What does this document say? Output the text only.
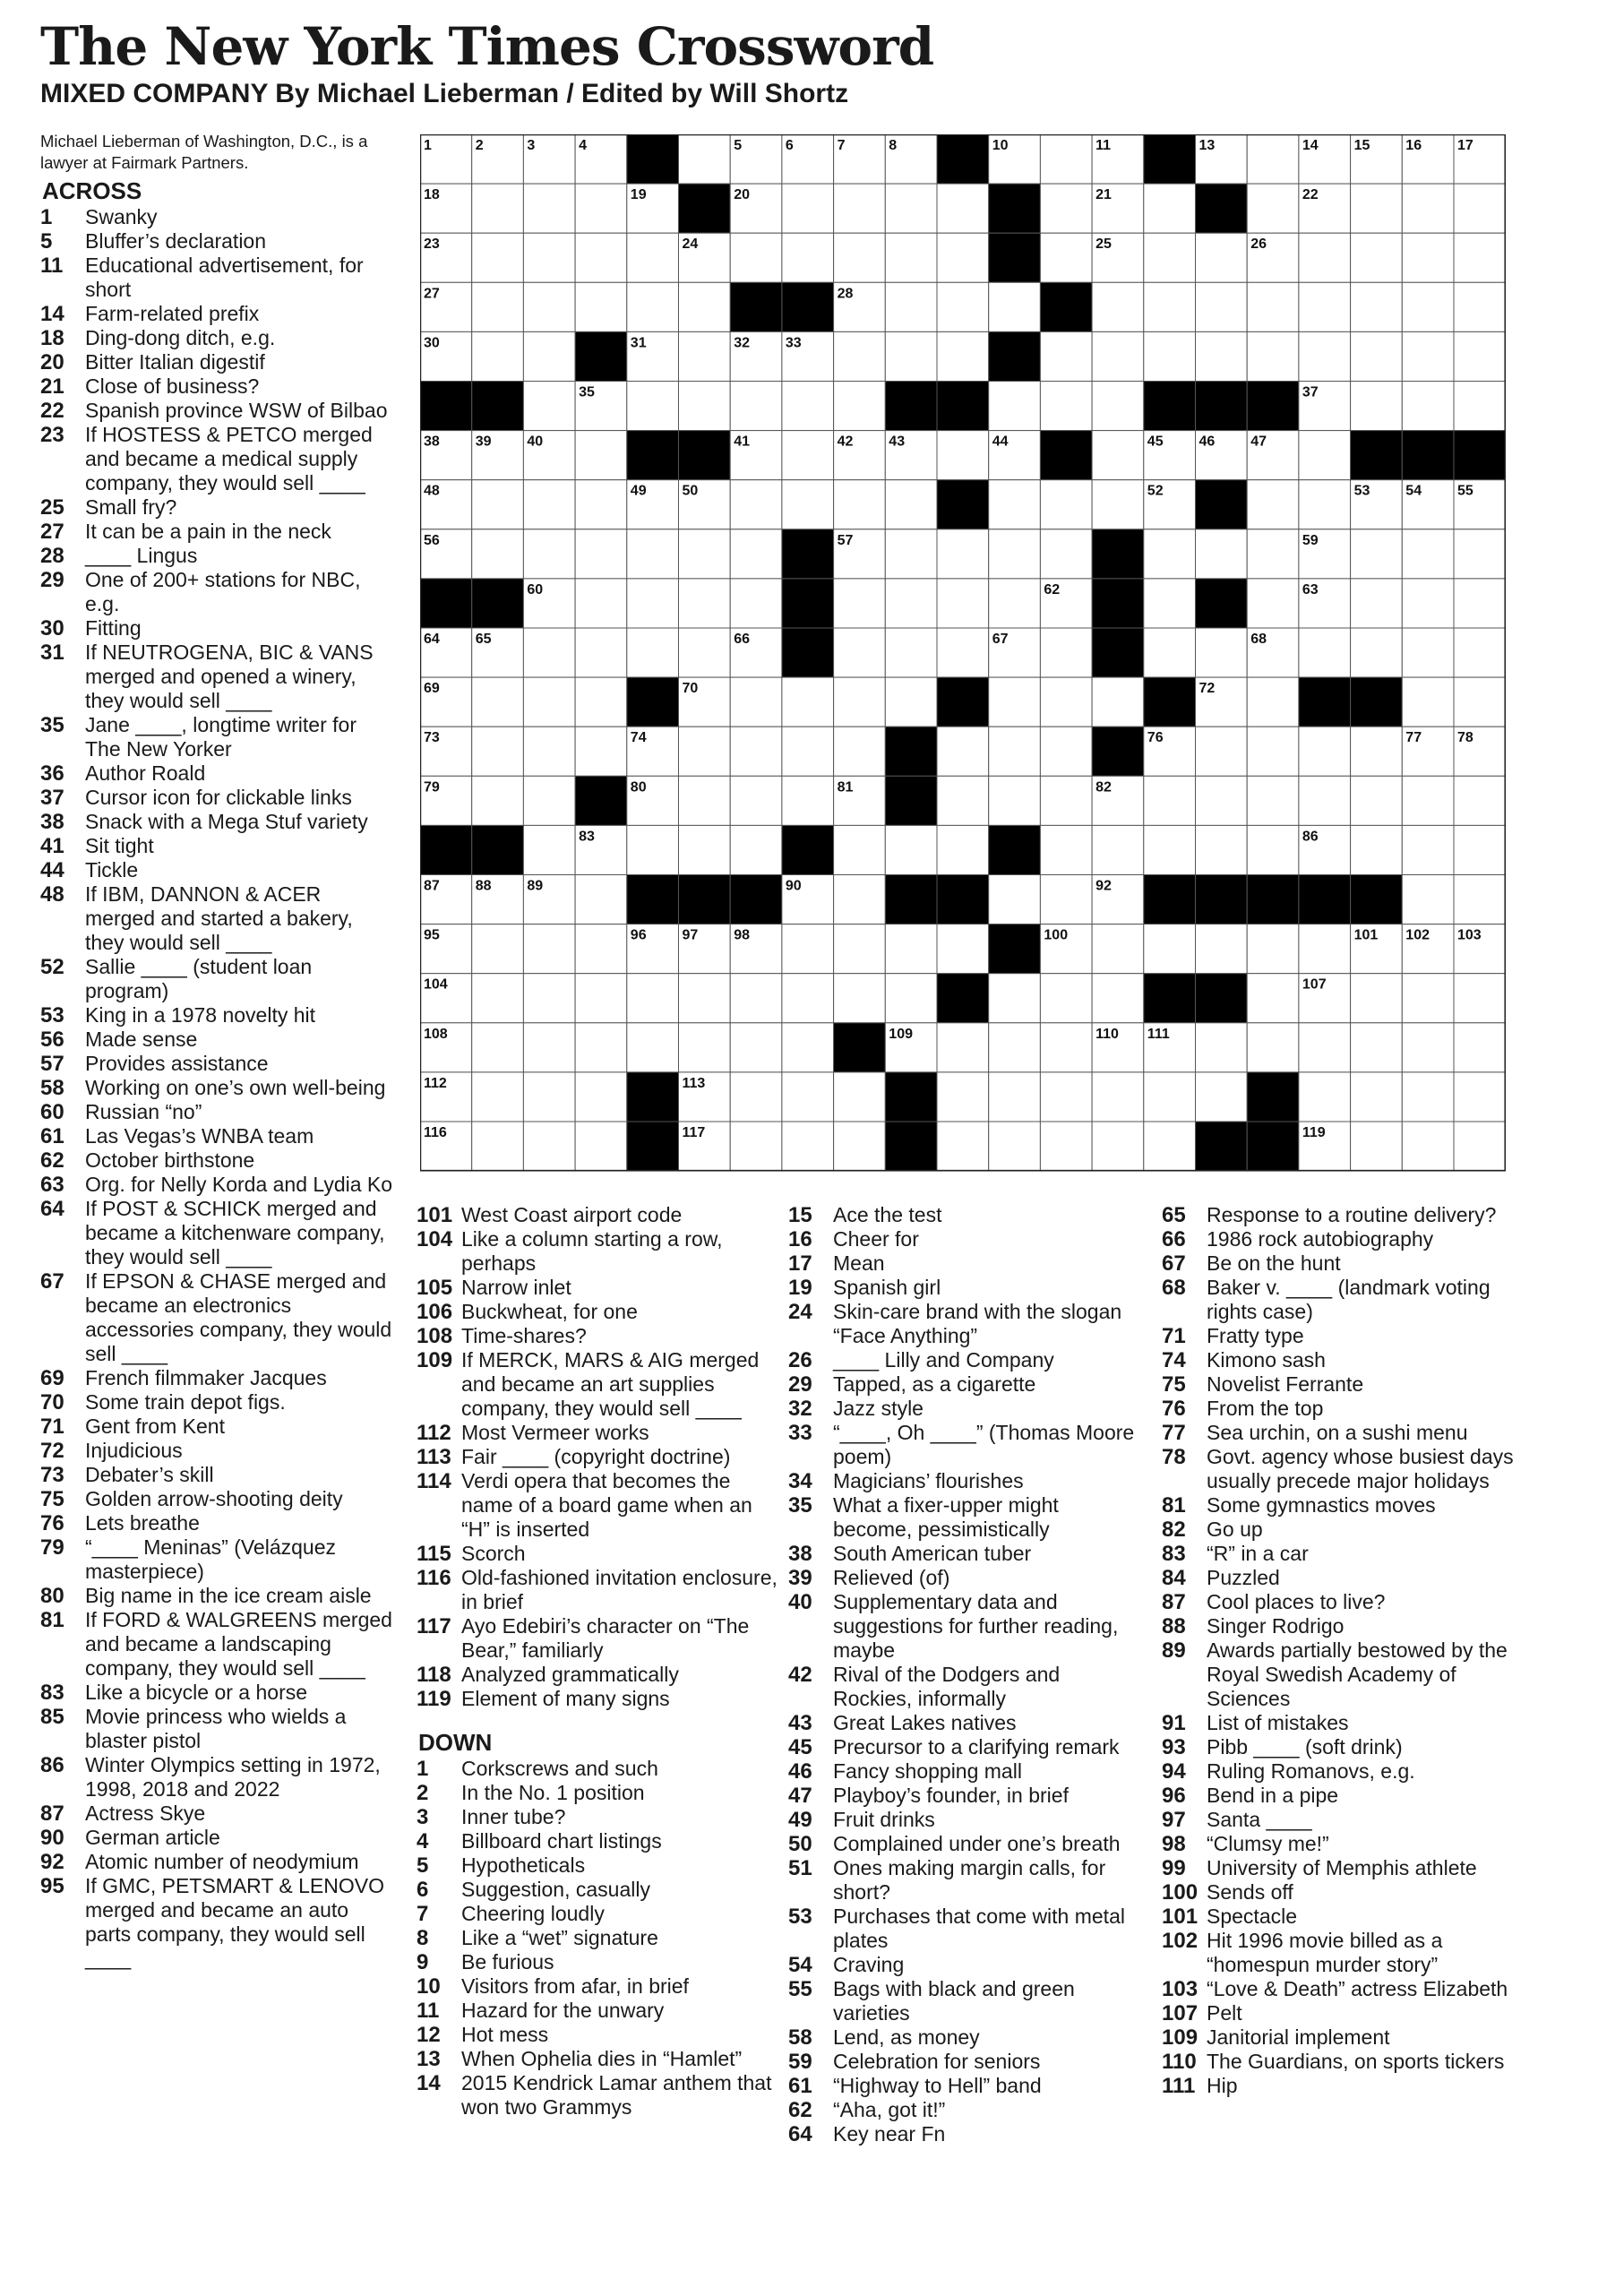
The New York Times Crossword
MIXED COMPANY By Michael Lieberman / Edited by Will Shortz
Michael Lieberman of Washington, D.C., is a lawyer at Fairmark Partners.
ACROSS
1	Swanky
5	Bluffer’s declaration
11	Educational advertisement, for short
14	Farm-related prefix
18	Ding-dong ditch, e.g.
20	Bitter Italian digestif
21	Close of business?
22	Spanish province WSW of Bilbao
23	If HOSTESS & PETCO merged and became a medical supply company, they would sell ____
25	Small fry?
27	It can be a pain in the neck
28	____ Lingus
29	One of 200+ stations for NBC, e.g.
30	Fitting
31	If NEUTROGENA, BIC & VANS merged and opened a winery, they would sell ____
35	Jane ____, longtime writer for The New Yorker
36	Author Roald
37	Cursor icon for clickable links
38	Snack with a Mega Stuf variety
41	Sit tight
44	Tickle
48	If IBM, DANNON & ACER merged and started a bakery, they would sell ____
52	Sallie ____ (student loan program)
53	King in a 1978 novelty hit
56	Made sense
57	Provides assistance
58	Working on one’s own well-being
60	Russian “no”
61	Las Vegas’s WNBA team
62	October birthstone
63	Org. for Nelly Korda and Lydia Ko
64	If POST & SCHICK merged and became a kitchenware company, they would sell ____
67	If EPSON & CHASE merged and became an electronics accessories company, they would sell ____
69	French filmmaker Jacques
70	Some train depot figs.
71	Gent from Kent
72	Injudicious
73	Debater’s skill
75	Golden arrow-shooting deity
76	Lets breathe
79	“____ Meninas” (Velázquez masterpiece)
80	Big name in the ice cream aisle
81	If FORD & WALGREENS merged and became a landscaping company, they would sell ____
83	Like a bicycle or a horse
85	Movie princess who wields a blaster pistol
86	Winter Olympics setting in 1972, 1998, 2018 and 2022
87	Actress Skye
90	German article
92	Atomic number of neodymium
95	If GMC, PETSMART & LENOVO merged and became an auto parts company, they would sell ____
1	2	3	4	5	6	7	8	10	11	13	14 15 16 17
18	19	20	21	22
23	24	25	26
27	28
30	31	32 33
35	37
38 39 40	41	42 43	44	45 46 47
48	49 50	52	53 54 55
56	57	59
60	62	63
64 65	66	67	68
69	70	72
73	74	76	77 78
79	80	81	82
83	86
87 88 89	90	92
95	96 97 98	100	101 102 103
104	107
108	109	110 111
112	113
116	117	119
101 West Coast airport code
104 Like a column starting a row, perhaps
105 Narrow inlet
106 Buckwheat, for one
108 Time-shares?
109 If MERCK, MARS & AIG merged and became an art supplies company, they would sell ____
112 Most Vermeer works
113 Fair ____ (copyright doctrine)
114 Verdi opera that becomes the name of a board game when an “H” is inserted
115 Scorch
116 Old-fashioned invitation enclosure, in brief
117 Ayo Edebiri’s character on “The Bear,” familiarly
118 Analyzed grammatically
119 Element of many signs
DOWN
1	Corkscrews and such
2	In the No. 1 position
3	Inner tube?
4	Billboard chart listings
5	Hypotheticals
6	Suggestion, casually
7	Cheering loudly
8	Like a “wet” signature
9	Be furious
10	Visitors from afar, in brief
11	Hazard for the unwary
12	Hot mess
13	When Ophelia dies in “Hamlet”
14	2015 Kendrick Lamar anthem that won two Grammys
15	Ace the test
16	Cheer for
17	Mean
19	Spanish girl
24	Skin-care brand with the slogan “Face Anything”
26	____ Lilly and Company
29	Tapped, as a cigarette
32	Jazz style
33	“____, Oh ____” (Thomas Moore poem)
34	Magicians’ flourishes
35	What a fixer-upper might become, pessimistically
38	South American tuber
39	Relieved (of)
40	Supplementary data and suggestions for further reading, maybe
42	Rival of the Dodgers and Rockies, informally
43	Great Lakes natives
45	Precursor to a clarifying remark
46	Fancy shopping mall
47	Playboy’s founder, in brief
49	Fruit drinks
50	Complained under one’s breath
51	Ones making margin calls, for short?
53	Purchases that come with metal plates
54	Craving
55	Bags with black and green varieties
58	Lend, as money
59	Celebration for seniors
61	“Highway to Hell” band
62	“Aha, got it!”
64	Key near Fn
65	Response to a routine delivery?
66	1986 rock autobiography
67	Be on the hunt
68	Baker v. ____ (landmark voting rights case)
71	Fratty type
74	Kimono sash
75	Novelist Ferrante
76	From the top
77	Sea urchin, on a sushi menu
78	Govt. agency whose busiest days usually precede major holidays
81	Some gymnastics moves
82	Go up
83	“R” in a car
84	Puzzled
87	Cool places to live?
88	Singer Rodrigo
89	Awards partially bestowed by the Royal Swedish Academy of Sciences
91	List of mistakes
93	Pibb ____ (soft drink)
94	Ruling Romanovs, e.g.
96	Bend in a pipe
97	Santa ____
98	“Clumsy me!”
99	University of Memphis athlete
100 Sends off
101 Spectacle
102 Hit 1996 movie billed as a “homespun murder story”
103 “Love & Death” actress Elizabeth
107 Pelt
109 Janitorial implement
110 The Guardians, on sports tickers
111 Hip
